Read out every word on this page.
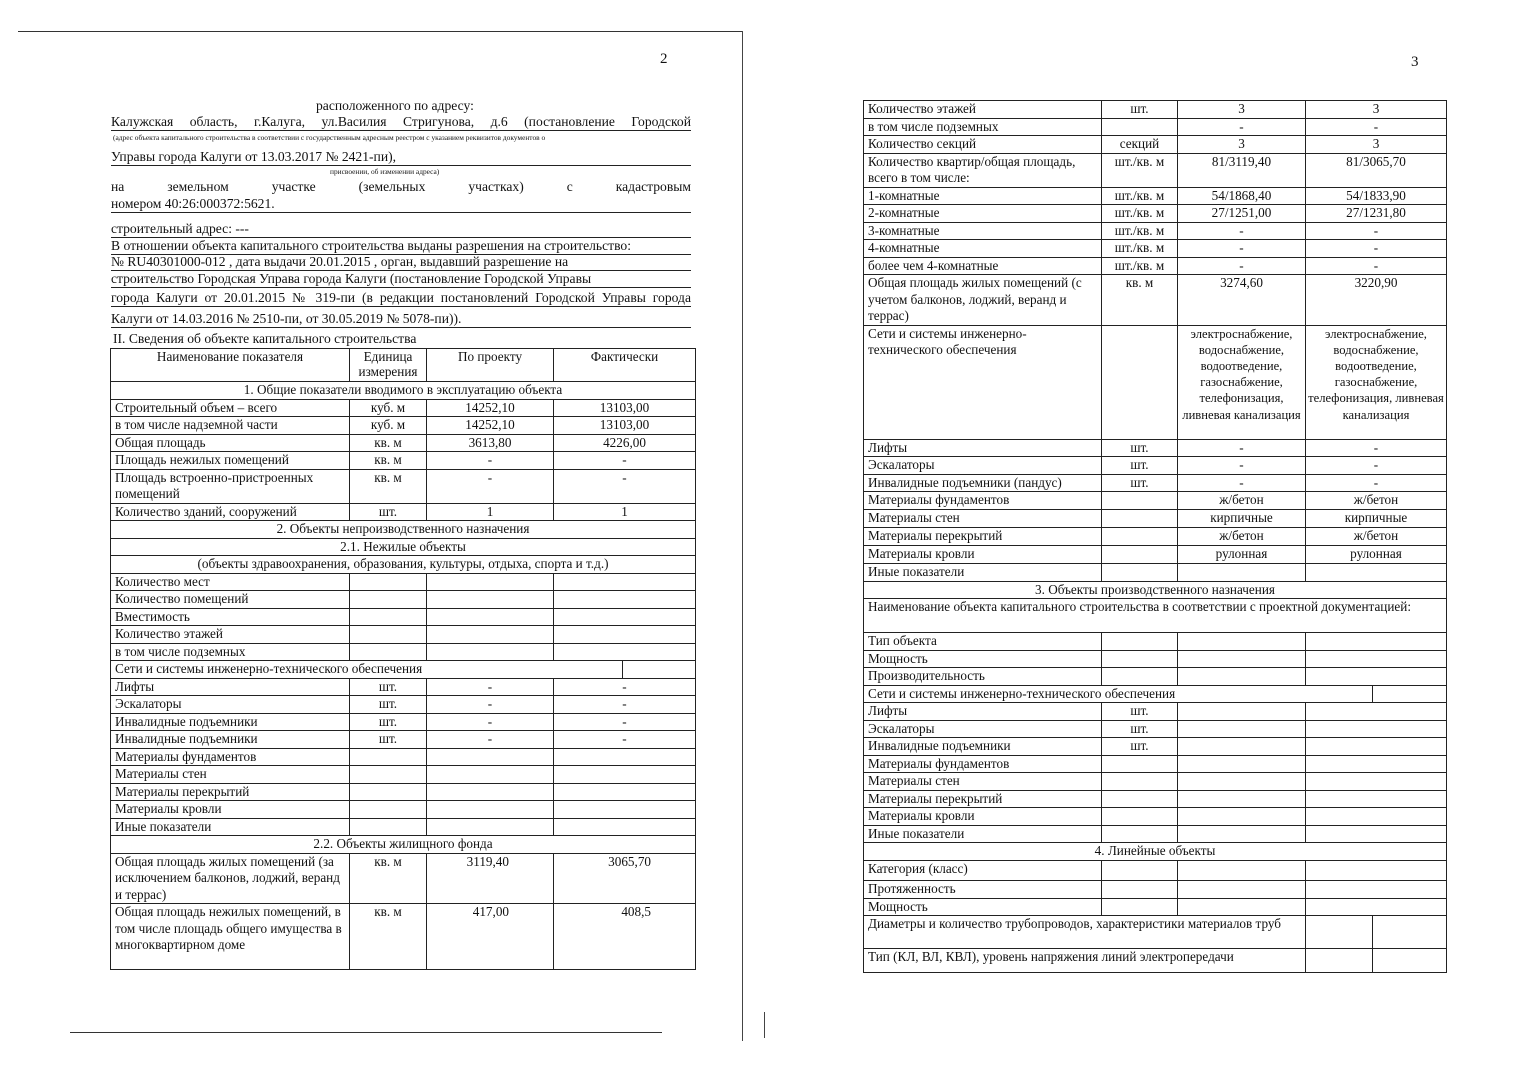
2
расположенного по адресу:
Калужская область, г.Калуга, ул.Василия Стригунова, д.6 (постановление Городской
(адрес объекта капитального строительства в соответствии с государственным адресным реестром с указанием реквизитов документов о
Управы города Калуги от 13.03.2017 № 2421-пи),
присвоении, об изменении адреса)
на земельном участке (земельных участках) с кадастровым
номером 40:26:000372:5621.
строительный адрес: ---
В отношении объекта капитального строительства выданы разрешения на строительство:
№ RU40301000-012 , дата выдачи 20.01.2015 , орган, выдавший разрешение на
строительство Городская Управа города Калуги (постановление Городской Управы
города Калуги от 20.01.2015 № 319-пи (в редакции постановлений Городской Управы города
Калуги от 14.03.2016 № 2510-пи, от 30.05.2019 № 5078-пи)).
II. Сведения об объекте капитального строительства
Наименование показателя	Единица измерения	По проекту	Фактически
1. Общие показатели вводимого в эксплуатацию объекта			
Строительный объем – всего	куб. м	14252,10	13103,00
в том числе надземной части	куб. м	14252,10	13103,00
Общая площадь	кв. м	3613,80	4226,00
Площадь нежилых помещений	кв. м	-	-
Площадь встроенно-пристроенных помещений	кв. м	-	-
Количество зданий, сооружений	шт.	1	1
2. Объекты непроизводственного назначения			
2.1. Нежилые объекты			
(объекты здравоохранения, образования, культуры, отдыха, спорта и т.д.)			
Количество мест			
Количество помещений			
Вместимость			
Количество этажей			
в том числе подземных			
Сети и системы инженерно-технического обеспечения			

Лифты	шт.	-	-
Эскалаторы	шт.	-	-
Инвалидные подъемники	шт.	-	-
Инвалидные подъемники	шт.	-	-
Материалы фундаментов			
Материалы стен			
Материалы перекрытий			
Материалы кровли			
Иные показатели			
2.2. Объекты жилищного фонда			
Общая площадь жилых помещений (за исключением балконов, лоджий, веранд и террас)	кв. м	3119,40	3065,70
Общая площадь нежилых помещений, в том числе площадь общего имущества в многоквартирном доме	кв. м	417,00	408,5
3
Количество этажей	шт.	3	3
в том числе подземных		-	-
Количество секций	секций	3	3
Количество квартир/общая площадь, всего в том числе:	шт./кв. м	81/3119,40	81/3065,70
1-комнатные	шт./кв. м	54/1868,40	54/1833,90
2-комнатные	шт./кв. м	27/1251,00	27/1231,80
3-комнатные	шт./кв. м	-	-
4-комнатные	шт./кв. м	-	-
более чем 4-комнатные	шт./кв. м	-	-
Общая площадь жилых помещений (с учетом балконов, лоджий, веранд и террас)	кв. м	3274,60	3220,90
Сети и системы инженерно-технического обеспечения		электроснабжение, водоснабжение, водоотведение, газоснабжение, телефонизация, ливневая канализация	электроснабжение, водоснабжение, водоотведение, газоснабжение, телефонизация, ливневая канализация
Лифты	шт.	-	-
Эскалаторы	шт.	-	-
Инвалидные подъемники (пандус)	шт.	-	-
Материалы фундаментов		ж/бетон	ж/бетон
Материалы стен		кирпичные	кирпичные
Материалы перекрытий		ж/бетон	ж/бетон
Материалы кровли		рулонная	рулонная
Иные показатели			
3. Объекты производственного назначения			
Наименование объекта капитального строительства в соответствии с проектной документацией:			
Тип объекта			
Мощность			
Производительность			
Сети и системы инженерно-технического обеспечения			

Лифты	шт.		
Эскалаторы	шт.		
Инвалидные подъемники	шт.		
Материалы фундаментов			
Материалы стен			
Материалы перекрытий			
Материалы кровли			
Иные показатели			
4. Линейные объекты			
Категория (класс)			
Протяженность			
Мощность			
Диаметры и количество трубопроводов, характеристики материалов труб			

Тип (КЛ, ВЛ, КВЛ), уровень напряжения линий электропередачи			
